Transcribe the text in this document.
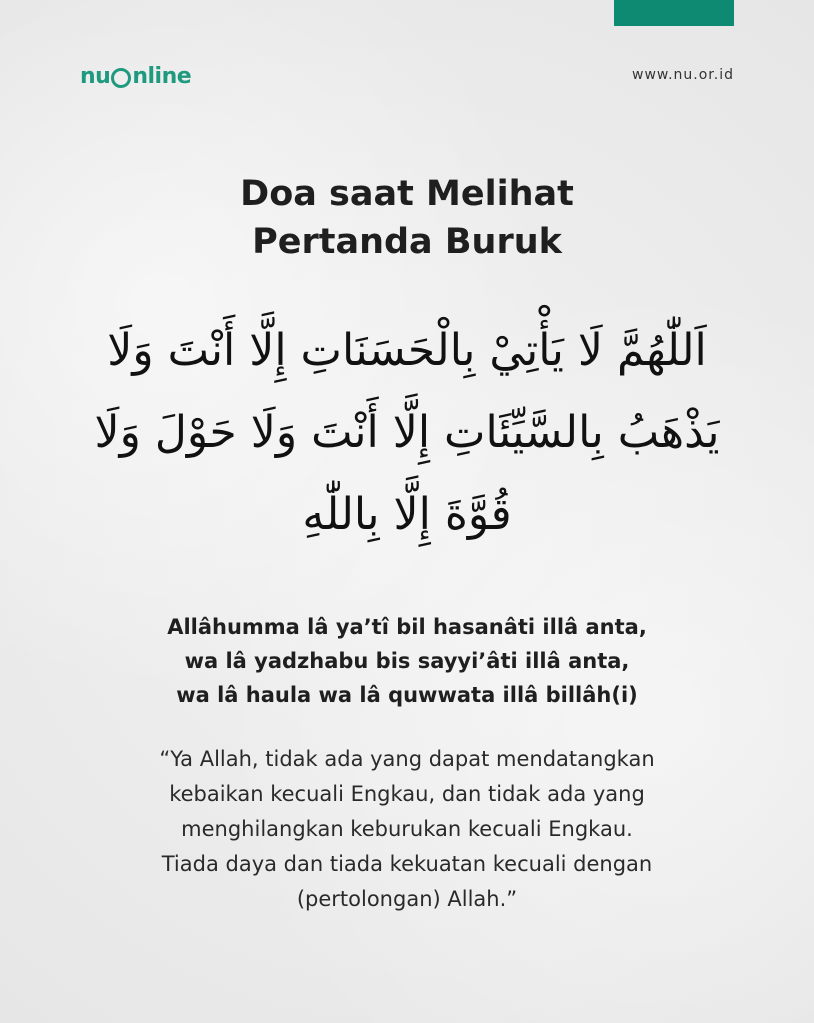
nu nline	www.nu.or.id
Doa saat Melihat
Pertanda Buruk
اَللّٰهُمَّ لَا يَأْتِيْ بِالْحَسَنَاتِ إِلَّا أَنْتَ وَلَا
يَذْهَبُ بِالسَّيِّئَاتِ إِلَّا أَنْتَ وَلَا حَوْلَ وَلَا
قُوَّةَ إِلَّا بِاللّٰهِ
Allâhumma lâ ya’tî bil hasanâti illâ anta,
wa lâ yadzhabu bis sayyi’âti illâ anta,
wa lâ haula wa lâ quwwata illâ billâh(i)
“Ya Allah, tidak ada yang dapat mendatangkan
kebaikan kecuali Engkau, dan tidak ada yang
menghilangkan keburukan kecuali Engkau.
Tiada daya dan tiada kekuatan kecuali dengan
(pertolongan) Allah.”
